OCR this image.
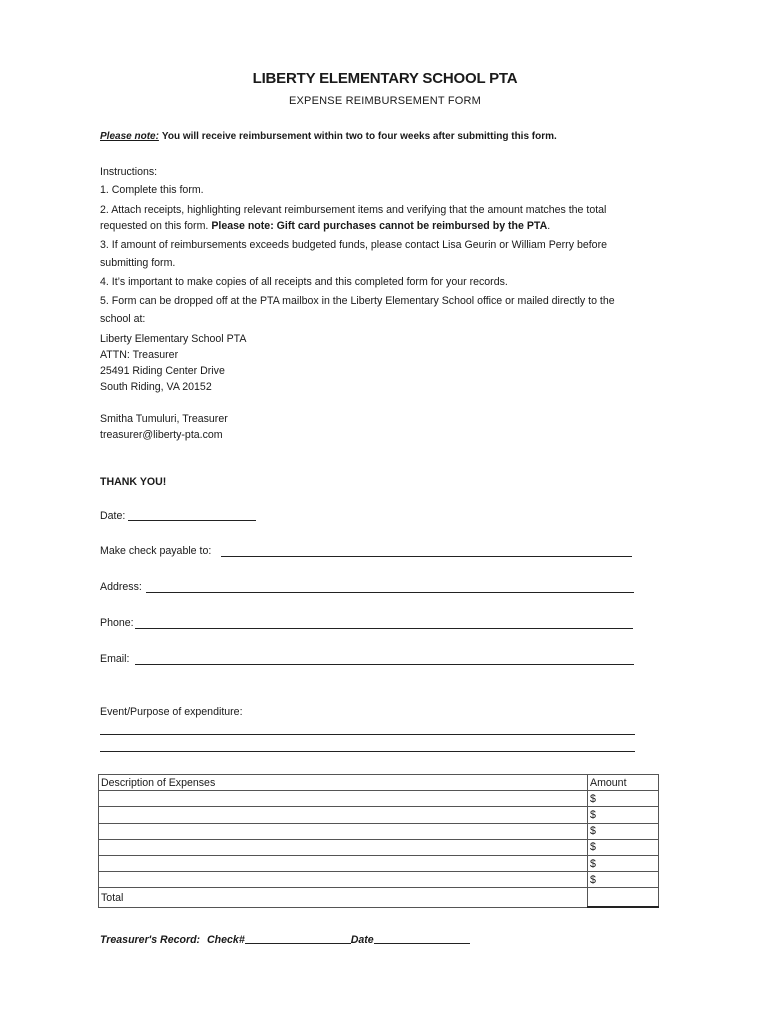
LIBERTY ELEMENTARY SCHOOL PTA
EXPENSE REIMBURSEMENT FORM
Please note: You will receive reimbursement within two to four weeks after submitting this form.
Instructions:
1. Complete this form.
2. Attach receipts, highlighting relevant reimbursement items and verifying that the amount matches the total
requested on this form. Please note: Gift card purchases cannot be reimbursed by the PTA.
3. If amount of reimbursements exceeds budgeted funds, please contact Lisa Geurin or William Perry before
submitting form.
4. It’s important to make copies of all receipts and this completed form for your records.
5. Form can be dropped off at the PTA mailbox in the Liberty Elementary School office or mailed directly to the
school at:
Liberty Elementary School PTA
ATTN: Treasurer
25491 Riding Center Drive
South Riding, VA 20152
Smitha Tumuluri, Treasurer
treasurer@liberty-pta.com
THANK YOU!
Date:
Make check payable to:
Address:
Phone:
Email:
Event/Purpose of expenditure:
Description of Expenses	Amount
	$
	$
	$
	$
	$
	$
Total	
Treasurer's Record: Check#	Date
